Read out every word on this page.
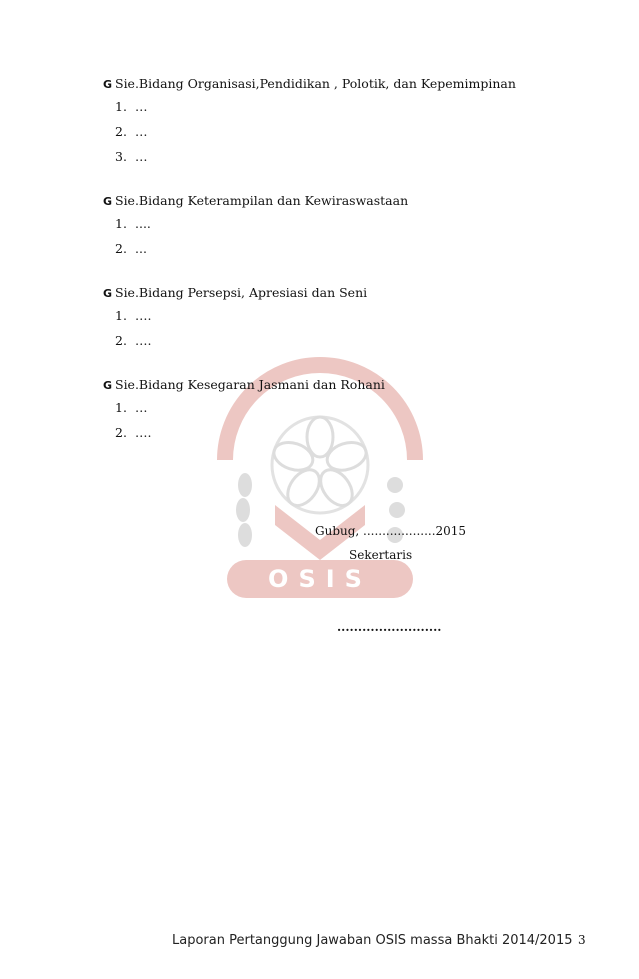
OSIS
G Sie.Bidang Organisasi,Pendidikan , Polotik, dan Kepemimpinan
1. …
2. …
3. …
G Sie.Bidang Keterampilan dan Kewiraswastaan
1. ....
2. ...
G Sie.Bidang Persepsi, Apresiasi dan Seni
1. ….
2. ….
G Sie.Bidang Kesegaran Jasmani dan Rohani
1. …
2. ….
Gubug, ...................2015
Sekertaris
.........................
Laporan Pertanggung Jawaban OSIS massa Bhakti 2014/2015 3
